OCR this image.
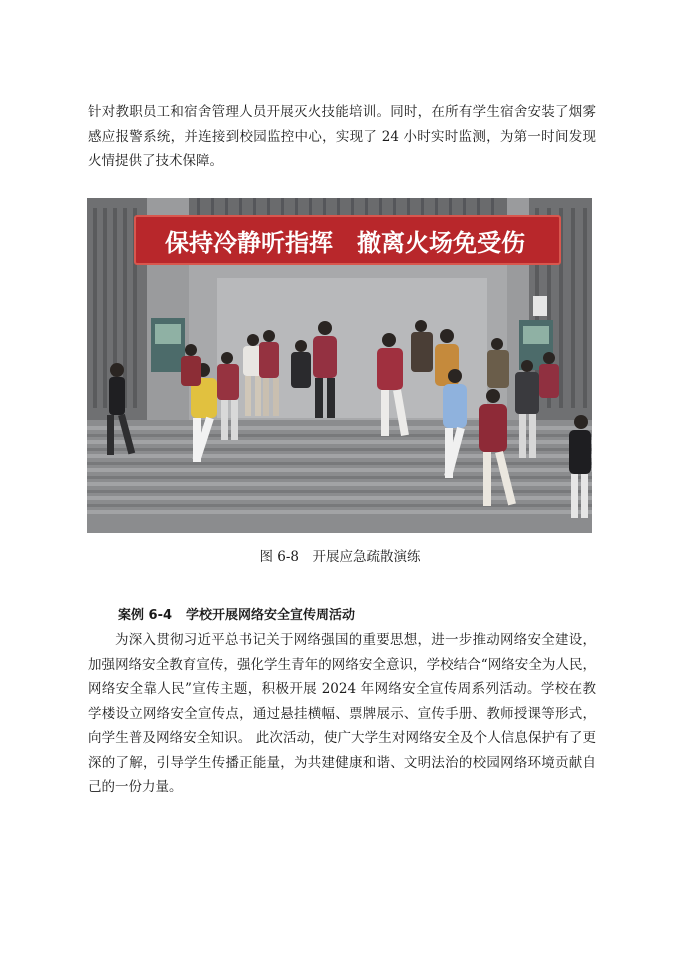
针对教职员工和宿舍管理人员开展灭火技能培训。同时，在所有学生宿舍安装了烟雾感应报警系统，并连接到校园监控中心，实现了 24 小时实时监测，为第一时间发现火情提供了技术保障。

保持冷静听指挥 撤离火场免受伤
图 6-8　开展应急疏散演练
案例 6-4 学校开展网络安全宣传周活动

为深入贯彻习近平总书记关于网络强国的重要思想，进一步推动网络安全建设，加强网络安全教育宣传，强化学生青年的网络安全意识，学校结合“网络安全为人民，网络安全靠人民”宣传主题，积极开展 2024 年网络安全宣传周系列活动。学校在教学楼设立网络安全宣传点，通过悬挂横幅、票牌展示、宣传手册、教师授课等形式，向学生普及网络安全知识。 此次活动，使广大学生对网络安全及个人信息保护有了更深的了解，引导学生传播正能量，为共建健康和谐、文明法治的校园网络环境贡献自己的一份力量。
